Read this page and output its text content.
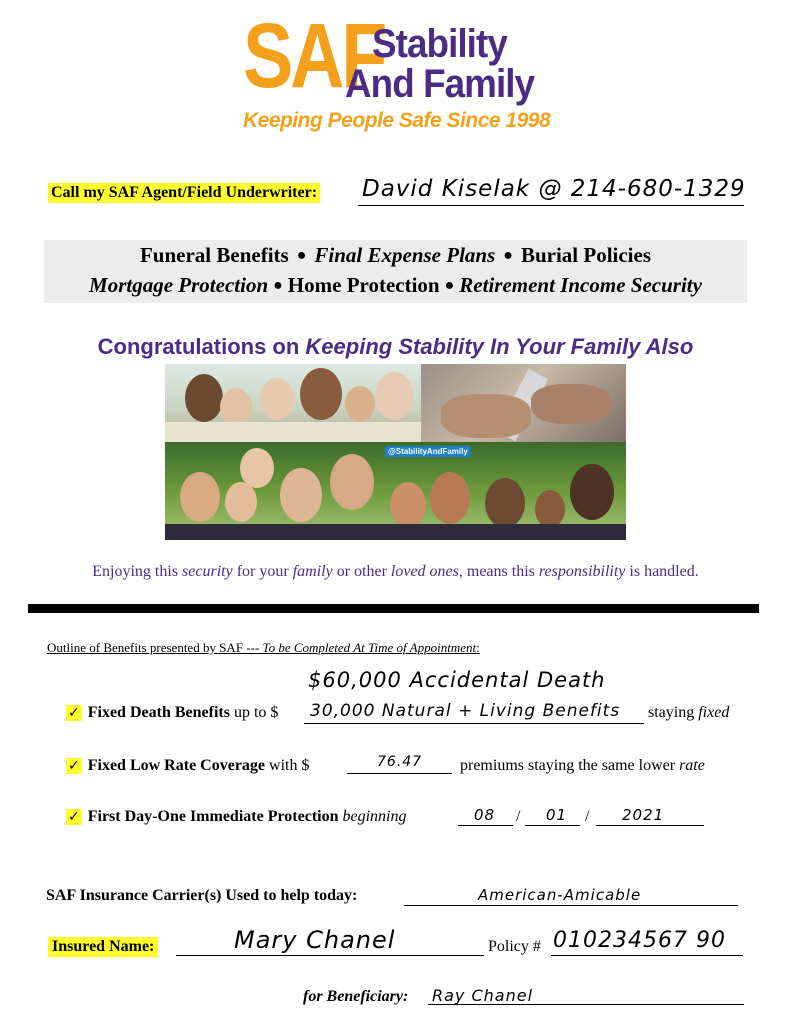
SAF
Stability
And Family
Keeping People Safe Since 1998
Call my SAF Agent/Field Underwriter: David Kiselak @ 214-680-1329
Funeral Benefits ● Final Expense Plans ● Burial Policies
Mortgage Protection ● Home Protection ● Retirement Income Security
Congratulations on Keeping Stability In Your Family Also
@StabilityAndFamily
Enjoying this security for your family or other loved ones, means this responsibility is handled.
Outline of Benefits presented by SAF --- To be Completed At Time of Appointment:
$60,000 Accidental Death
✓ Fixed Death Benefits up to $ 30,000 Natural + Living Benefits staying fixed
✓ Fixed Low Rate Coverage with $	76.47 premiums staying the same lower rate
✓ First Day-One Immediate Protection beginning	08 / 01 / 2021
SAF Insurance Carrier(s) Used to help today:	American-Amicable
Insured Name:	Mary Chanel	Policy # 010234567 90
for Beneficiary: Ray Chanel
